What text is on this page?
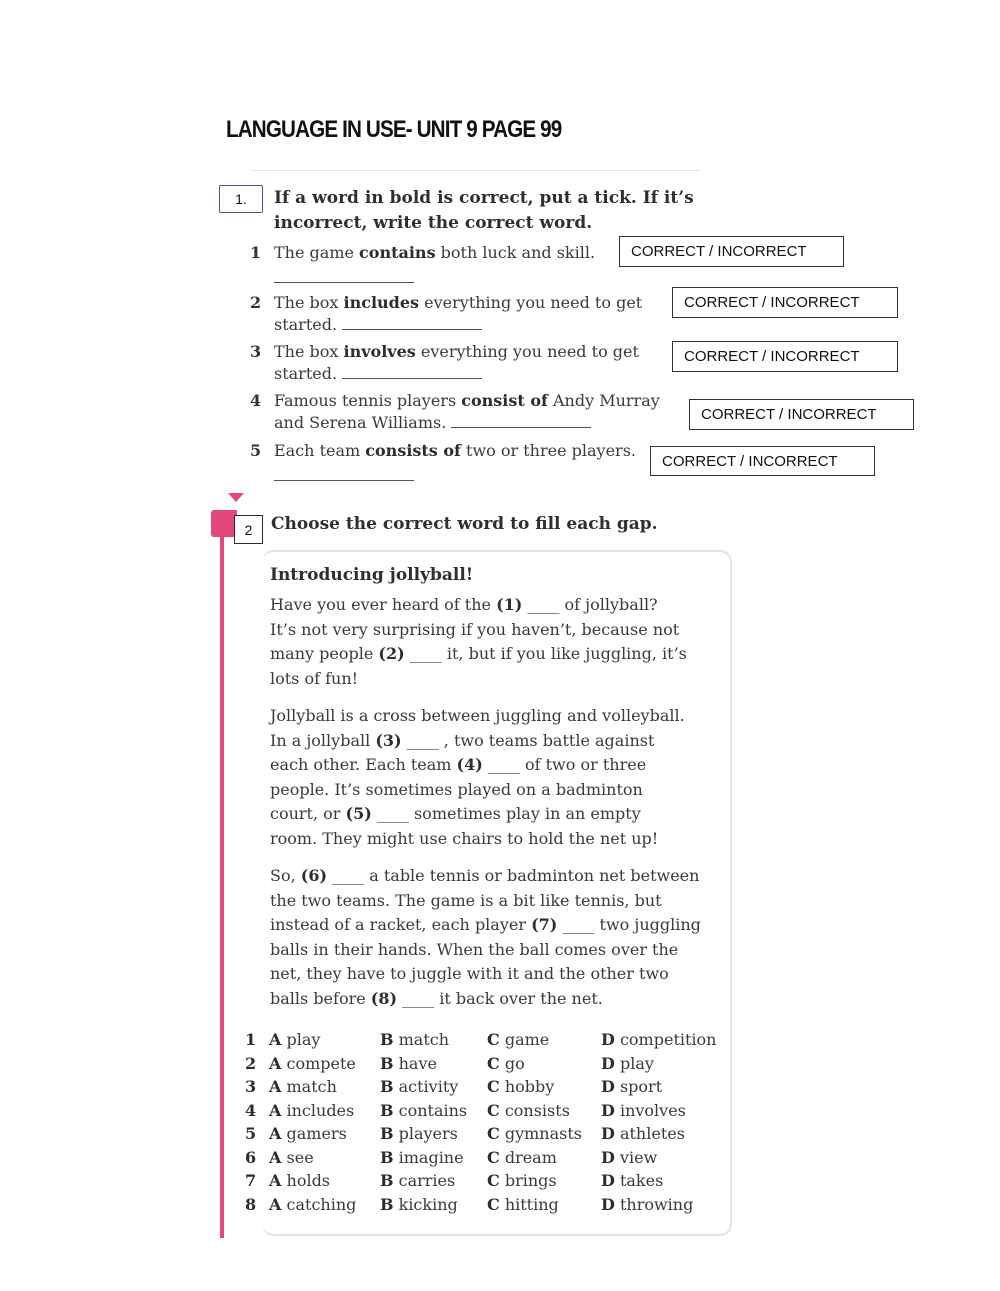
LANGUAGE IN USE- UNIT 9 PAGE 99
1.	If a word in bold is correct, put a tick. If it’s
incorrect, write the correct word.
1 The game contains both luck and skill.
2 The box includes everything you need to get
started.
3 The box involves everything you need to get
started.
4 Famous tennis players consist of Andy Murray
and Serena Williams.
5 Each team consists of two or three players.
CORRECT / INCORRECT
CORRECT / INCORRECT
CORRECT / INCORRECT
CORRECT / INCORRECT
CORRECT / INCORRECT
2	Choose the correct word to fill each gap.
Introducing jollyball!
Have you ever heard of the (1) ____ of jollyball?
It’s not very surprising if you haven’t, because not
many people (2) ____ it, but if you like juggling, it’s
lots of fun!
Jollyball is a cross between juggling and volleyball.
In a jollyball (3) ____ , two teams battle against
each other. Each team (4) ____ of two or three
people. It’s sometimes played on a badminton
court, or (5) ____ sometimes play in an empty
room. They might use chairs to hold the net up!
So, (6) ____ a table tennis or badminton net between
the two teams. The game is a bit like tennis, but
instead of a racket, each player (7) ____ two juggling
balls in their hands. When the ball comes over the
net, they have to juggle with it and the other two
balls before (8) ____ it back over the net.
1 A play	B match C game	D competition
2 A compete B have	C go	D play
3 A match	B activity C hobby	D sport
4 A includes B contains C consists D involves
5 A gamers B players C gymnasts D athletes
6 A see	B imagine C dream	D view
7 A holds	B carries C brings	D takes
8 A catching B kicking C hitting	D throwing
